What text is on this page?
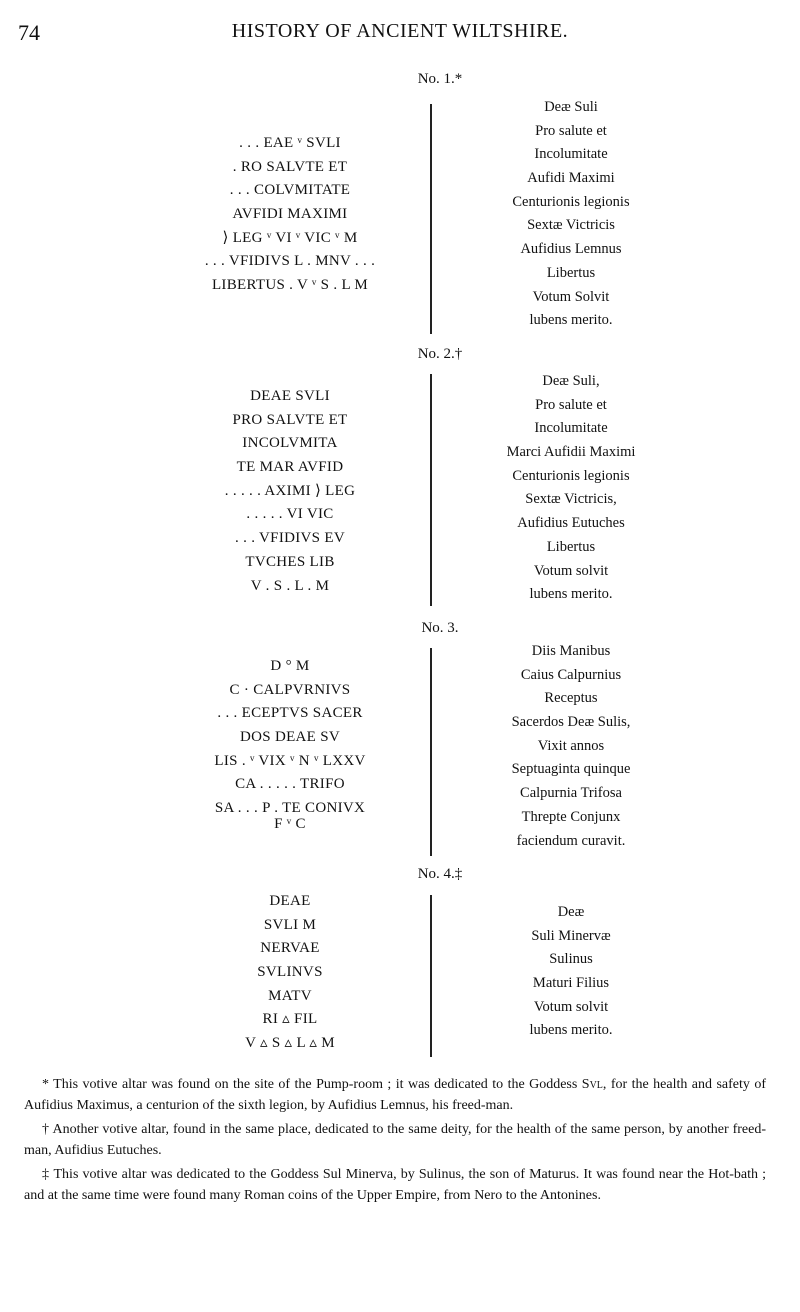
74	HISTORY OF ANCIENT WILTSHIRE.
No. 1.*
. . . EAE ᵛ SVLI
. RO SALVTE ET
. . . COLVMITATE
AVFIDI MAXIMI
⟩ LEG ᵛ VI ᵛ VIC ᵛ M
. . . VFIDIVS L . MNV . . .
LIBERTUS . V ᵛ S . L M
Deæ Suli
Pro salute et
Incolumitate
Aufidi Maximi
Centurionis legionis
Sextæ Victricis
Aufidius Lemnus
Libertus
Votum Solvit
lubens merito.
No. 2.†
DEAE SVLI
PRO SALVTE ET
INCOLVMITA
TE MAR AVFID
. . . . . AXIMI ⟩ LEG
. . . . . VI VIC
. . . VFIDIVS EV
TVCHES LIB
V . S . L . M
Deæ Suli,
Pro salute et
Incolumitate
Marci Aufidii Maximi
Centurionis legionis
Sextæ Victricis,
Aufidius Eutuches
Libertus
Votum solvit
lubens merito.
No. 3.
D ° M
C · CALPVRNIVS
. . . ECEPTVS SACER
DOS DEAE SV
LIS . ᵛ VIX ᵛ N ᵛ LXXV
CA . . . . . TRIFO
SA . . . P . TE CONIVX
F ᵛ C
Diis Manibus
Caius Calpurnius
Receptus
Sacerdos Deæ Sulis,
Vixit annos
Septuaginta quinque
Calpurnia Trifosa
Threpte Conjunx
faciendum curavit.
No. 4.‡
DEAE
SVLI M
NERVAE
SVLINVS
MATV
RI ▵ FIL
V ▵ S ▵ L ▵ M
Deæ
Suli Minervæ
Sulinus
Maturi Filius
Votum solvit
lubens merito.

* This votive altar was found on the site of the Pump-room ; it was dedicated to the Goddess Svl, for the health and safety of Aufidius Maximus, a centurion of the sixth legion, by Aufidius Lemnus, his freed-man.

† Another votive altar, found in the same place, dedicated to the same deity, for the health of the same person, by another freed-man, Aufidius Eutuches.

‡ This votive altar was dedicated to the Goddess Sul Minerva, by Sulinus, the son of Maturus. It was found near the Hot-bath ; and at the same time were found many Roman coins of the Upper Empire, from Nero to the Antonines.
